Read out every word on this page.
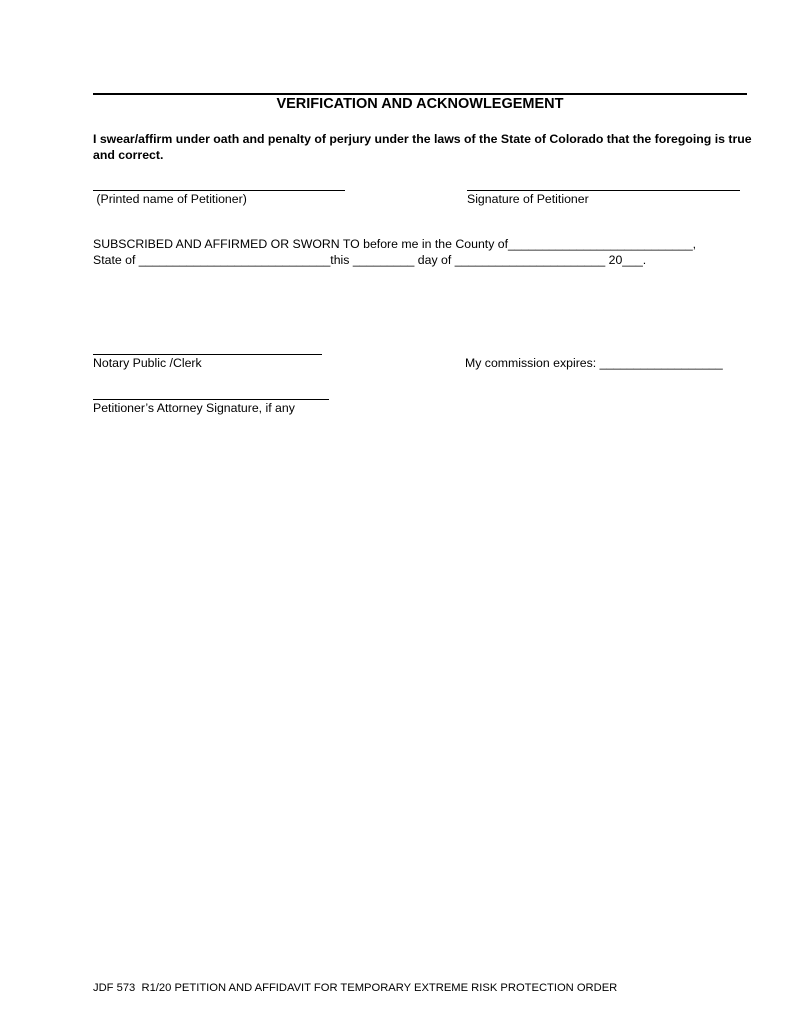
VERIFICATION AND ACKNOWLEGEMENT
I swear/affirm under oath and penalty of perjury under the laws of the State of Colorado that the foregoing is true and correct.
(Printed name of Petitioner)	Signature of Petitioner
SUBSCRIBED AND AFFIRMED OR SWORN TO before me in the County of___________________________,
State of ____________________________this _________ day of ______________________ 20___.
Notary Public /Clerk	My commission expires: __________________
Petitioner’s Attorney Signature, if any
JDF 573  R1/20 PETITION AND AFFIDAVIT FOR TEMPORARY EXTREME RISK PROTECTION ORDER
